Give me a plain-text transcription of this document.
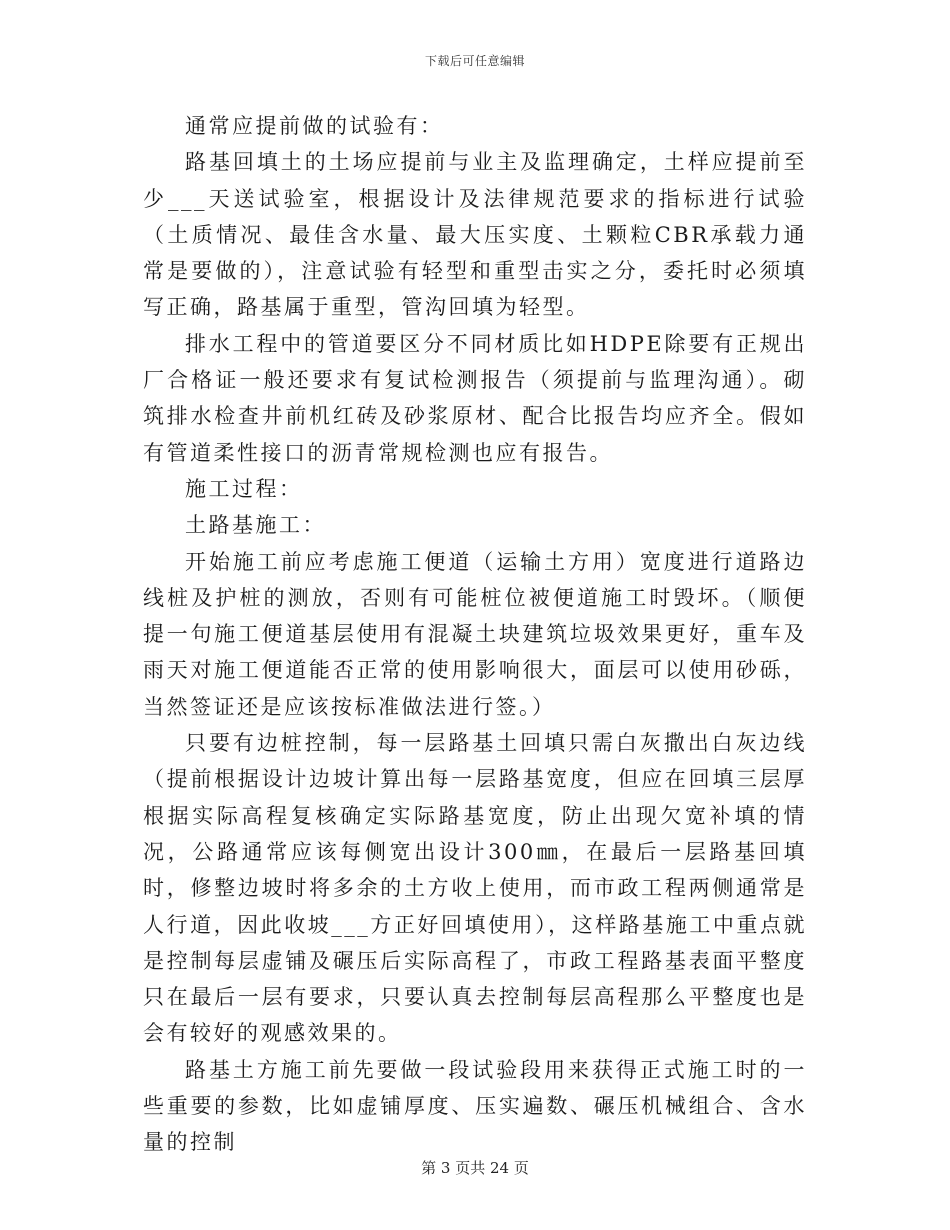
下载后可任意编辑

通常应提前做的试验有：

路基回填土的土场应提前与业主及监理确定，土样应提前至少___天送试验室，根据设计及法律规范要求的指标进行试验（土质情况、最佳含水量、最大压实度、土颗粒CBR承载力通常是要做的），注意试验有轻型和重型击实之分，委托时必须填写正确，路基属于重型，管沟回填为轻型。

排水工程中的管道要区分不同材质比如HDPE除要有正规出厂合格证一般还要求有复试检测报告（须提前与监理沟通）。砌筑排水检查井前机红砖及砂浆原材、配合比报告均应齐全。假如有管道柔性接口的沥青常规检测也应有报告。

施工过程：

土路基施工：

开始施工前应考虑施工便道（运输土方用）宽度进行道路边线桩及护桩的测放，否则有可能桩位被便道施工时毁坏。（顺便提一句施工便道基层使用有混凝土块建筑垃圾效果更好，重车及雨天对施工便道能否正常的使用影响很大，面层可以使用砂砾，当然签证还是应该按标准做法进行签。）

只要有边桩控制，每一层路基土回填只需白灰撒出白灰边线（提前根据设计边坡计算出每一层路基宽度，但应在回填三层厚根据实际高程复核确定实际路基宽度，防止出现欠宽补填的情况，公路通常应该每侧宽出设计300㎜，在最后一层路基回填时，修整边坡时将多余的土方收上使用，而市政工程两侧通常是人行道，因此收坡___方正好回填使用），这样路基施工中重点就是控制每层虚铺及碾压后实际高程了，市政工程路基表面平整度只在最后一层有要求，只要认真去控制每层高程那么平整度也是会有较好的观感效果的。

路基土方施工前先要做一段试验段用来获得正式施工时的一些重要的参数，比如虚铺厚度、压实遍数、碾压机械组合、含水量的控制

第 3 页共 24 页
